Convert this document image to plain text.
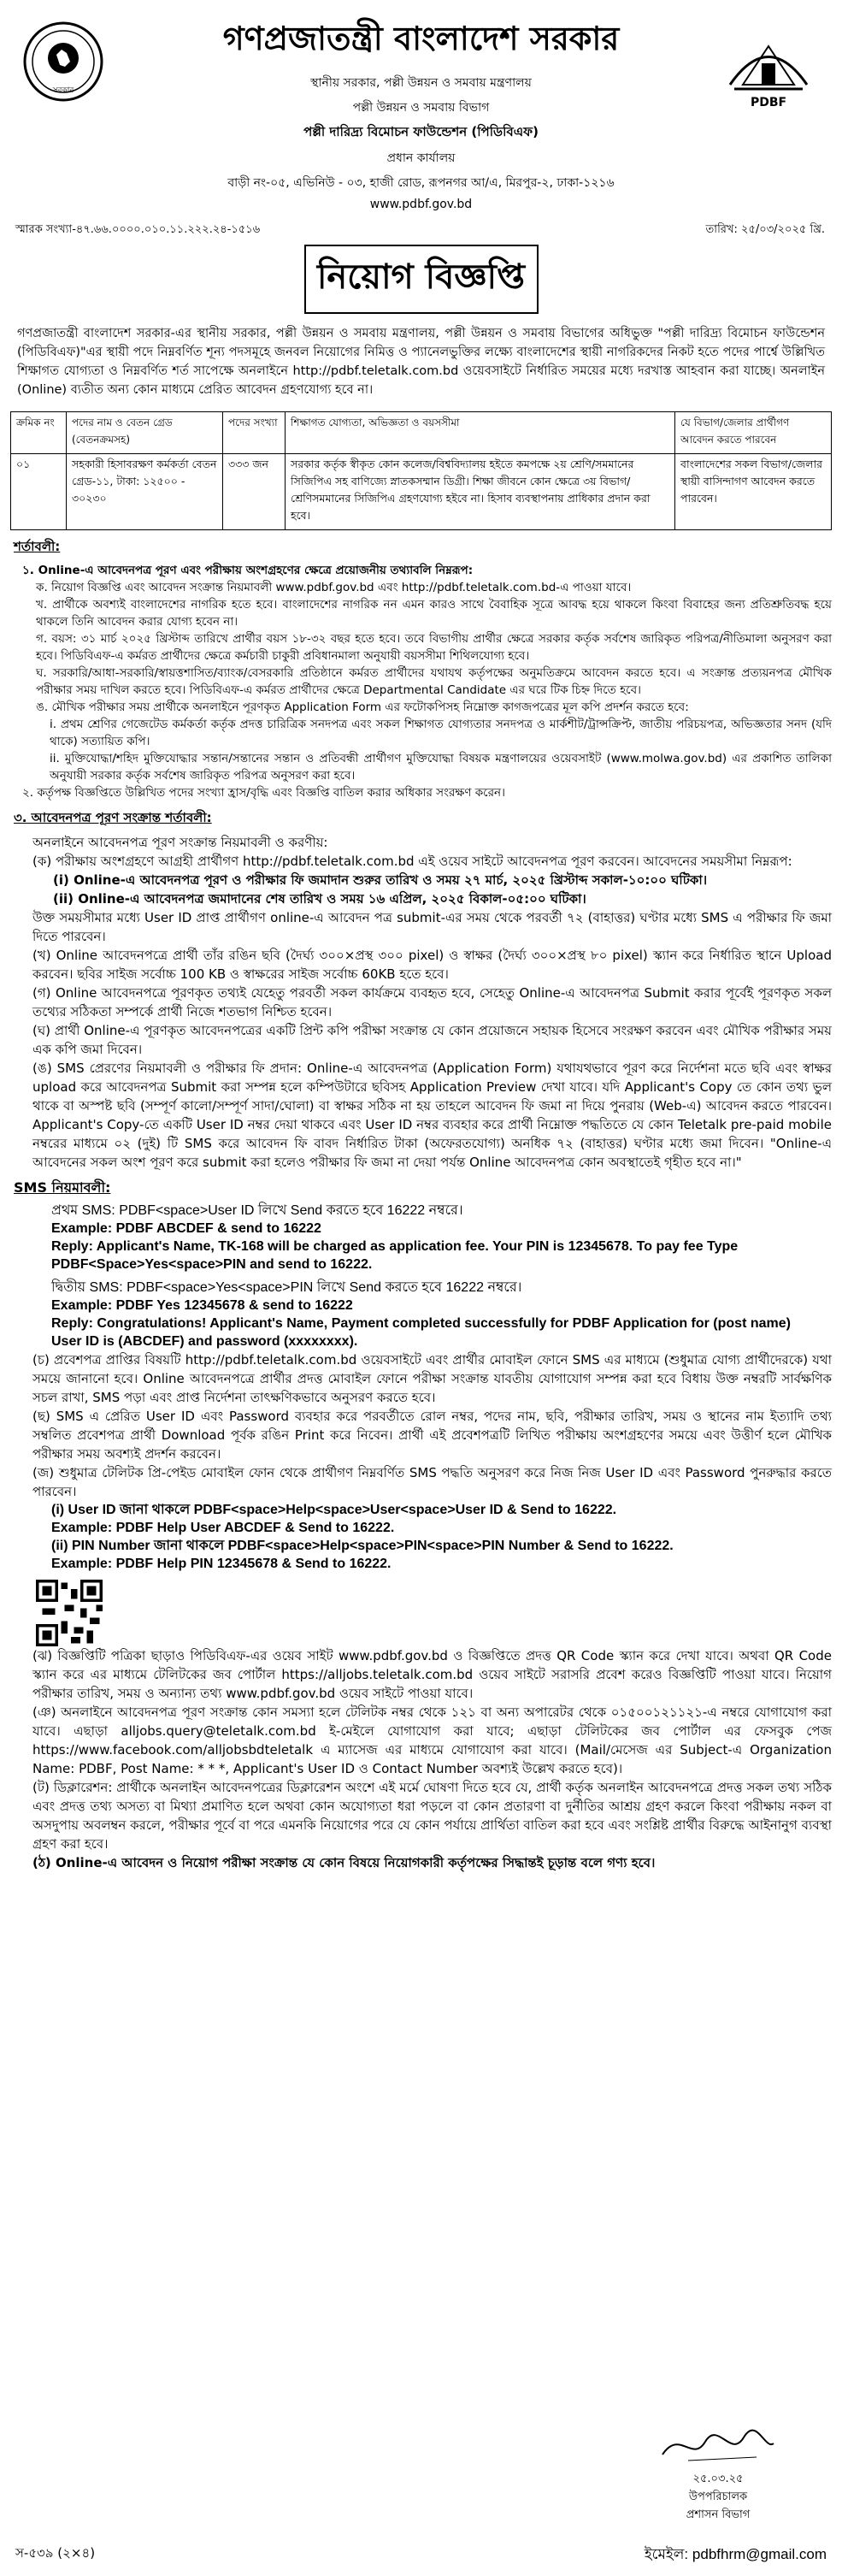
সরকার
গণপ্রজাতন্ত্রী বাংলাদেশ সরকার
স্থানীয় সরকার, পল্লী উন্নয়ন ও সমবায় মন্ত্রণালয়
পল্লী উন্নয়ন ও সমবায় বিভাগ
পল্লী দারিদ্র্য বিমোচন ফাউন্ডেশন (পিডিবিএফ)
প্রধান কার্যালয়
বাড়ী নং-০৫, এভিনিউ - ০৩, হাজী রোড, রূপনগর আ/এ, মিরপুর-২, ঢাকা-১২১৬
www.pdbf.gov.bd
PDBF
স্মারক সংখ্যা-৪৭.৬৬.০০০০.০১০.১১.২২২.২৪-১৫১৬	তারিখ: ২৫/০৩/২০২৫ খ্রি.
নিয়োগ বিজ্ঞপ্তি
গণপ্রজাতন্ত্রী বাংলাদেশ সরকার-এর স্থানীয় সরকার, পল্লী উন্নয়ন ও সমবায় মন্ত্রণালয়, পল্লী উন্নয়ন ও সমবায় বিভাগের অধিভুক্ত "পল্লী দারিদ্র্য বিমোচন ফাউন্ডেশন (পিডিবিএফ)"এর স্থায়ী পদে নিম্নবর্ণিত শূন্য পদসমূহে জনবল নিয়োগের নিমিত্ত ও প্যানেলভুক্তির লক্ষ্যে বাংলাদেশের স্থায়ী নাগরিকদের নিকট হতে পদের পার্শ্বে উল্লিখিত শিক্ষাগত যোগ্যতা ও নিম্নবর্ণিত শর্ত সাপেক্ষে অনলাইনে http://pdbf.teletalk.com.bd ওয়েবসাইটে নির্ধারিত সময়ের মধ্যে দরখাস্ত আহবান করা যাচ্ছে। অনলাইন (Online) ব্যতীত অন্য কোন মাধ্যমে প্রেরিত আবেদন গ্রহণযোগ্য হবে না।
ক্রমিক নং	পদের নাম ও বেতন গ্রেড (বেতনক্রমসহ)	পদের সংখ্যা	শিক্ষাগত যোগ্যতা, অভিজ্ঞতা ও বয়সসীমা	যে বিভাগ/জেলার প্রার্থীগণ আবেদন করতে পারবেন
০১	সহকারী হিসাবরক্ষণ কর্মকর্তা বেতন গ্রেড-১১, টাকা: ১২৫০০ - ৩০২৩০	৩৩৩ জন	সরকার কর্তৃক স্বীকৃত কোন কলেজ/বিশ্ববিদ্যালয় হইতে কমপক্ষে ২য় শ্রেণি/সমমানের সিজিপিএ সহ বাণিজ্যে স্নাতকসম্মান ডিগ্রী। শিক্ষা জীবনে কোন ক্ষেত্রে ৩য় বিভাগ/শ্রেণিসমমানের সিজিপিএ গ্রহণযোগ্য হইবে না। হিসাব ব্যবস্থাপনায় প্রাধিকার প্রদান করা হবে।	বাংলাদেশের সকল বিভাগ/জেলার স্থায়ী বাসিন্দাগণ আবেদন করতে পারবেন।
শর্তাবলী:
১. Online-এ আবেদনপত্র পূরণ এবং পরীক্ষায় অংশগ্রহণের ক্ষেত্রে প্রয়োজনীয় তথ্যাবলি নিম্নরূপ:
ক. নিয়োগ বিজ্ঞপ্তি এবং আবেদন সংক্রান্ত নিয়মাবলী www.pdbf.gov.bd এবং http://pdbf.teletalk.com.bd-এ পাওয়া যাবে।
খ. প্রার্থীকে অবশ্যই বাংলাদেশের নাগরিক হতে হবে। বাংলাদেশের নাগরিক নন এমন কারও সাথে বৈবাহিক সূত্রে আবদ্ধ হয়ে থাকলে কিংবা বিবাহের জন্য প্রতিশ্রুতিবদ্ধ হয়ে থাকলে তিনি আবেদন করার যোগ্য হবেন না।
গ. বয়স: ৩১ মার্চ ২০২৫ খ্রিস্টাব্দ তারিখে প্রার্থীর বয়স ১৮-৩২ বছর হতে হবে। তবে বিভাগীয় প্রার্থীর ক্ষেত্রে সরকার কর্তৃক সর্বশেষ জারিকৃত পরিপত্র/নীতিমালা অনুসরণ করা হবে। পিডিবিএফ-এ কর্মরত প্রার্থীদের ক্ষেত্রে কর্মচারী চাকুরী প্রবিধানমালা অনুযায়ী বয়সসীমা শিথিলযোগ্য হবে।
ঘ. সরকারি/আধা-সরকারি/স্বায়ত্তশাসিত/ব্যাংক/বেসরকারি প্রতিষ্ঠানে কর্মরত প্রার্থীদের যথাযথ কর্তৃপক্ষের অনুমতিক্রমে আবেদন করতে হবে। এ সংক্রান্ত প্রত্যয়নপত্র মৌখিক পরীক্ষার সময় দাখিল করতে হবে। পিডিবিএফ-এ কর্মরত প্রার্থীদের ক্ষেত্রে Departmental Candidate এর ঘরে টিক চিহ্ন দিতে হবে।
ঙ. মৌখিক পরীক্ষার সময় প্রার্থীকে অনলাইনে পূরণকৃত Application Form এর ফটোকপিসহ নিম্নোক্ত কাগজপত্রের মূল কপি প্রদর্শন করতে হবে:
i. প্রথম শ্রেণির গেজেটেড কর্মকর্তা কর্তৃক প্রদত্ত চারিত্রিক সনদপত্র এবং সকল শিক্ষাগত যোগ্যতার সনদপত্র ও মার্কশীট/ট্রান্সক্রিপ্ট, জাতীয় পরিচয়পত্র, অভিজ্ঞতার সনদ (যদি থাকে) সত্যায়িত কপি।
ii. মুক্তিযোদ্ধা/শহিদ মুক্তিযোদ্ধার সন্তান/সন্তানের সন্তান ও প্রতিবন্ধী প্রার্থীগণ মুক্তিযোদ্ধা বিষয়ক মন্ত্রণালয়ের ওয়েবসাইট (www.molwa.gov.bd) এর প্রকাশিত তালিকা অনুযায়ী সরকার কর্তৃক সর্বশেষ জারিকৃত পরিপত্র অনুসরণ করা হবে।
২. কর্তৃপক্ষ বিজ্ঞপ্তিতে উল্লিখিত পদের সংখ্যা হ্রাস/বৃদ্ধি এবং বিজ্ঞপ্তি বাতিল করার অধিকার সংরক্ষণ করেন।
৩. আবেদনপত্র পূরণ সংক্রান্ত শর্তাবলী:
অনলাইনে আবেদনপত্র পূরণ সংক্রান্ত নিয়মাবলী ও করণীয়:
(ক) পরীক্ষায় অংশগ্রহণে আগ্রহী প্রার্থীগণ http://pdbf.teletalk.com.bd এই ওয়েব সাইটে আবেদনপত্র পূরণ করবেন। আবেদনের সময়সীমা নিম্নরূপ:
(i) Online-এ আবেদনপত্র পূরণ ও পরীক্ষার ফি জমাদান শুরুর তারিখ ও সময় ২৭ মার্চ, ২০২৫ খ্রিস্টাব্দ সকাল-১০:০০ ঘটিকা।
(ii) Online-এ আবেদনপত্র জমাদানের শেষ তারিখ ও সময় ১৬ এপ্রিল, ২০২৫ বিকাল-০৫:০০ ঘটিকা।
উক্ত সময়সীমার মধ্যে User ID প্রাপ্ত প্রার্থীগণ online-এ আবেদন পত্র submit-এর সময় থেকে পরবর্তী ৭২ (বাহাত্তর) ঘণ্টার মধ্যে SMS এ পরীক্ষার ফি জমা দিতে পারবেন।
(খ) Online আবেদনপত্রে প্রার্থী তাঁর রঙিন ছবি (দৈর্ঘ্য ৩০০×প্রস্থ ৩০০ pixel) ও স্বাক্ষর (দৈর্ঘ্য ৩০০×প্রস্থ ৮০ pixel) স্ক্যান করে নির্ধারিত স্থানে Upload করবেন। ছবির সাইজ সর্বোচ্চ 100 KB ও স্বাক্ষরের সাইজ সর্বোচ্চ 60KB হতে হবে।
(গ) Online আবেদনপত্রে পূরণকৃত তথ্যই যেহেতু পরবর্তী সকল কার্যক্রমে ব্যবহৃত হবে, সেহেতু Online-এ আবেদনপত্র Submit করার পূর্বেই পূরণকৃত সকল তথ্যের সঠিকতা সম্পর্কে প্রার্থী নিজে শতভাগ নিশ্চিত হবেন।
(ঘ) প্রার্থী Online-এ পূরণকৃত আবেদনপত্রের একটি প্রিন্ট কপি পরীক্ষা সংক্রান্ত যে কোন প্রয়োজনে সহায়ক হিসেবে সংরক্ষণ করবেন এবং মৌখিক পরীক্ষার সময় এক কপি জমা দিবেন।
(ঙ) SMS প্রেরণের নিয়মাবলী ও পরীক্ষার ফি প্রদান: Online-এ আবেদনপত্র (Application Form) যথাযথভাবে পূরণ করে নির্দেশনা মতে ছবি এবং স্বাক্ষর upload করে আবেদনপত্র Submit করা সম্পন্ন হলে কম্পিউটারে ছবিসহ Application Preview দেখা যাবে। যদি Applicant's Copy তে কোন তথ্য ভুল থাকে বা অস্পষ্ট ছবি (সম্পূর্ণ কালো/সম্পূর্ণ সাদা/ঘোলা) বা স্বাক্ষর সঠিক না হয় তাহলে আবেদন ফি জমা না দিয়ে পুনরায় (Web-এ) আবেদন করতে পারবেন। Applicant's Copy-তে একটি User ID নম্বর দেয়া থাকবে এবং User ID নম্বর ব্যবহার করে প্রার্থী নিম্নোক্ত পদ্ধতিতে যে কোন Teletalk pre-paid mobile নম্বরের মাধ্যমে ০২ (দুই) টি SMS করে আবেদন ফি বাবদ নির্ধারিত টাকা (অফেরতযোগ্য) অনধিক ৭২ (বাহাত্তর) ঘণ্টার মধ্যে জমা দিবেন। "Online-এ আবেদনের সকল অংশ পূরণ করে submit করা হলেও পরীক্ষার ফি জমা না দেয়া পর্যন্ত Online আবেদনপত্র কোন অবস্থাতেই গৃহীত হবে না।"
SMS নিয়মাবলী:
প্রথম SMS: PDBF<space>User ID লিখে Send করতে হবে 16222 নম্বরে।
Example: PDBF ABCDEF & send to 16222
Reply: Applicant's Name, TK-168 will be charged as application fee. Your PIN is 12345678. To pay fee Type PDBF<Space>Yes<space>PIN and send to 16222.
দ্বিতীয় SMS: PDBF<space>Yes<space>PIN লিখে Send করতে হবে 16222 নম্বরে।
Example: PDBF Yes 12345678 & send to 16222
Reply: Congratulations! Applicant's Name, Payment completed successfully for PDBF Application for (post name) User ID is (ABCDEF) and password (xxxxxxxx).
(চ) প্রবেশপত্র প্রাপ্তির বিষয়টি http://pdbf.teletalk.com.bd ওয়েবসাইটে এবং প্রার্থীর মোবাইল ফোনে SMS এর মাধ্যমে (শুধুমাত্র যোগ্য প্রার্থীদেরকে) যথা সময়ে জানানো হবে। Online আবেদনপত্রে প্রার্থীর প্রদত্ত মোবাইল ফোনে পরীক্ষা সংক্রান্ত যাবতীয় যোগাযোগ সম্পন্ন করা হবে বিধায় উক্ত নম্বরটি সার্বক্ষণিক সচল রাখা, SMS পড়া এবং প্রাপ্ত নির্দেশনা তাৎক্ষণিকভাবে অনুসরণ করতে হবে।
(ছ) SMS এ প্রেরিত User ID এবং Password ব্যবহার করে পরবর্তীতে রোল নম্বর, পদের নাম, ছবি, পরীক্ষার তারিখ, সময় ও স্থানের নাম ইত্যাদি তথ্য সম্বলিত প্রবেশপত্র প্রার্থী Download পূর্বক রঙিন Print করে নিবেন। প্রার্থী এই প্রবেশপত্রটি লিখিত পরীক্ষায় অংশগ্রহণের সময়ে এবং উত্তীর্ণ হলে মৌখিক পরীক্ষার সময় অবশ্যই প্রদর্শন করবেন।
(জ) শুধুমাত্র টেলিটক প্রি-পেইড মোবাইল ফোন থেকে প্রার্থীগণ নিম্নবর্ণিত SMS পদ্ধতি অনুসরণ করে নিজ নিজ User ID এবং Password পুনরুদ্ধার করতে পারবেন।
(i) User ID জানা থাকলে PDBF<space>Help<space>User<space>User ID & Send to 16222.
Example: PDBF Help User ABCDEF & Send to 16222.
(ii) PIN Number জানা থাকলে PDBF<space>Help<space>PIN<space>PIN Number & Send to 16222.
Example: PDBF Help PIN 12345678 & Send to 16222.
(ঝ) বিজ্ঞপ্তিটি পত্রিকা ছাড়াও পিডিবিএফ-এর ওয়েব সাইট www.pdbf.gov.bd ও বিজ্ঞপ্তিতে প্রদত্ত QR Code স্ক্যান করে দেখা যাবে। অথবা QR Code স্ক্যান করে এর মাধ্যমে টেলিটকের জব পোর্টাল https://alljobs.teletalk.com.bd ওয়েব সাইটে সরাসরি প্রবেশ করেও বিজ্ঞপ্তিটি পাওয়া যাবে। নিয়োগ পরীক্ষার তারিখ, সময় ও অন্যান্য তথ্য www.pdbf.gov.bd ওয়েব সাইটে পাওয়া যাবে।
(ঞ) অনলাইনে আবেদনপত্র পূরণ সংক্রান্ত কোন সমস্যা হলে টেলিটক নম্বর থেকে ১২১ বা অন্য অপারেটর থেকে ০১৫০০১২১১২১-এ নম্বরে যোগাযোগ করা যাবে। এছাড়া alljobs.query@teletalk.com.bd ই-মেইলে যোগাযোগ করা যাবে; এছাড়া টেলিটকের জব পোর্টাল এর ফেসবুক পেজ https://www.facebook.com/alljobsbdteletalk এ ম্যাসেজ এর মাধ্যমে যোগাযোগ করা যাবে। (Mail/মেসেজ এর Subject-এ Organization Name: PDBF, Post Name: * * *, Applicant's User ID ও Contact Number অবশ্যই উল্লেখ করতে হবে)।
(ট) ডিক্লারেশন: প্রার্থীকে অনলাইন আবেদনপত্রের ডিক্লারেশন অংশে এই মর্মে ঘোষণা দিতে হবে যে, প্রার্থী কর্তৃক অনলাইন আবেদনপত্রে প্রদত্ত সকল তথ্য সঠিক এবং প্রদত্ত তথ্য অসত্য বা মিথ্যা প্রমাণিত হলে অথবা কোন অযোগ্যতা ধরা পড়লে বা কোন প্রতারণা বা দুর্নীতির আশ্রয় গ্রহণ করলে কিংবা পরীক্ষায় নকল বা অসদুপায় অবলম্বন করলে, পরীক্ষার পূর্বে বা পরে এমনকি নিয়োগের পরে যে কোন পর্যায়ে প্রার্থিতা বাতিল করা হবে এবং সংশ্লিষ্ট প্রার্থীর বিরুদ্ধে আইনানুগ ব্যবস্থা গ্রহণ করা হবে।
(ঠ) Online-এ আবেদন ও নিয়োগ পরীক্ষা সংক্রান্ত যে কোন বিষয়ে নিয়োগকারী কর্তৃপক্ষের সিদ্ধান্তই চূড়ান্ত বলে গণ্য হবে।
২৫.০৩.২৫
উপপরিচালক
প্রশাসন বিভাগ
স-৫৩৯ (২×৪)	ইমেইল: pdbfhrm@gmail.com
